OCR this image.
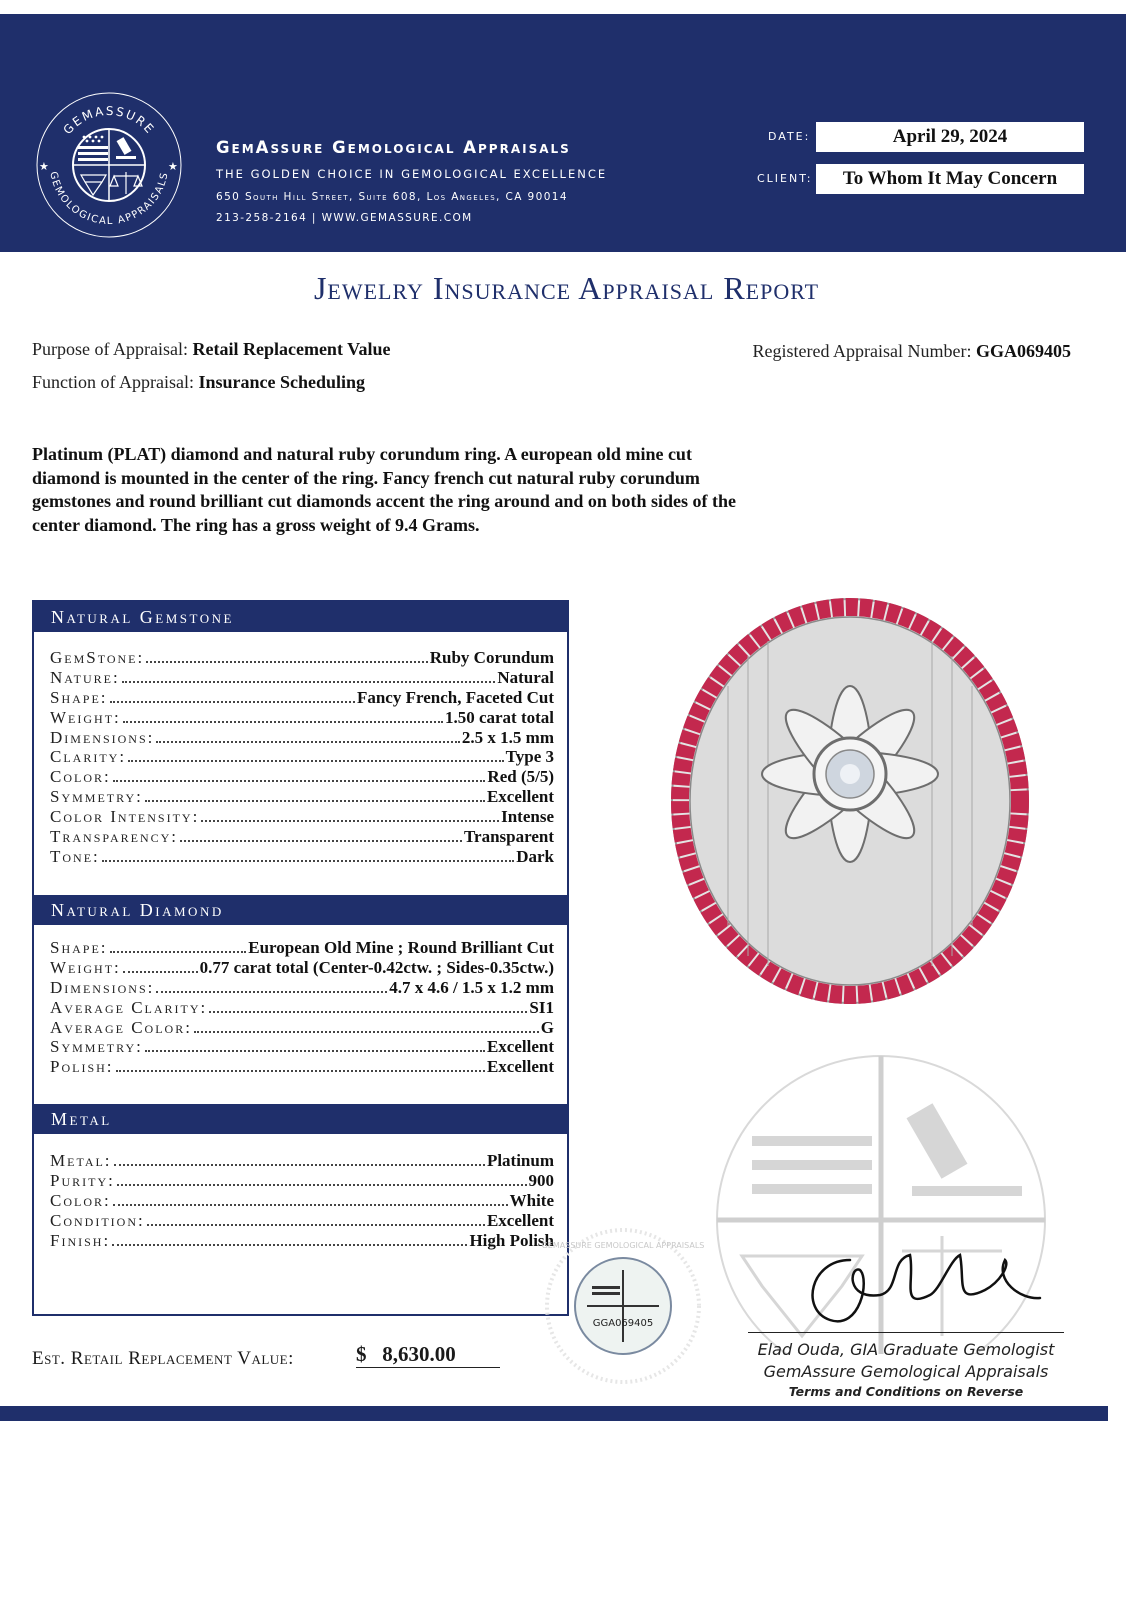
GEMASSURE
GEMOLOGICAL APPRAISALS
★	★
GemAssure Gemological Appraisals
THE GOLDEN CHOICE IN GEMOLOGICAL EXCELLENCE
650 South Hill Street, Suite 608, Los Angeles, CA 90014
213-258-2164 | WWW.GEMASSURE.COM
DATE:	April 29, 2024
CLIENT:	To Whom It May Concern
Jewelry Insurance Appraisal Report
Purpose of Appraisal: Retail Replacement Value
Function of Appraisal: Insurance Scheduling
Registered Appraisal Number: GGA069405
Platinum (PLAT) diamond and natural ruby corundum ring. A european old mine cut diamond is mounted in the center of the ring. Fancy french cut natural ruby corundum gemstones and round brilliant cut diamonds accent the ring around and on both sides of the center diamond. The ring has a gross weight of 9.4 Grams.
Natural Gemstone
GemStone:	Ruby Corundum
Nature:	Natural
Shape:	Fancy French, Faceted Cut
Weight:	1.50 carat total
Dimensions:	2.5 x 1.5 mm
Clarity:	Type 3
Color:	Red (5/5)
Symmetry:	Excellent
Color Intensity:	Intense
Transparency:	Transparent
Tone:	Dark
Natural Diamond
Shape:	European Old Mine ; Round Brilliant Cut
Weight:	0.77 carat total (Center-0.42ctw. ; Sides-0.35ctw.)
Dimensions:	4.7 x 4.6 / 1.5 x 1.2 mm
Average Clarity:	SI1
Average Color:	G
Symmetry:	Excellent
Polish:	Excellent
Metal
Metal:	Platinum
Purity:	900
Color:	White
Condition:	Excellent
Finish:	High Polish
Est. Retail Replacement Value:	$ 8,630.00
GGA069405
GEMASSURE GEMOLOGICAL APPRAISALS
Elad Ouda, GIA Graduate Gemologist
GemAssure Gemological Appraisals
Terms and Conditions on Reverse
